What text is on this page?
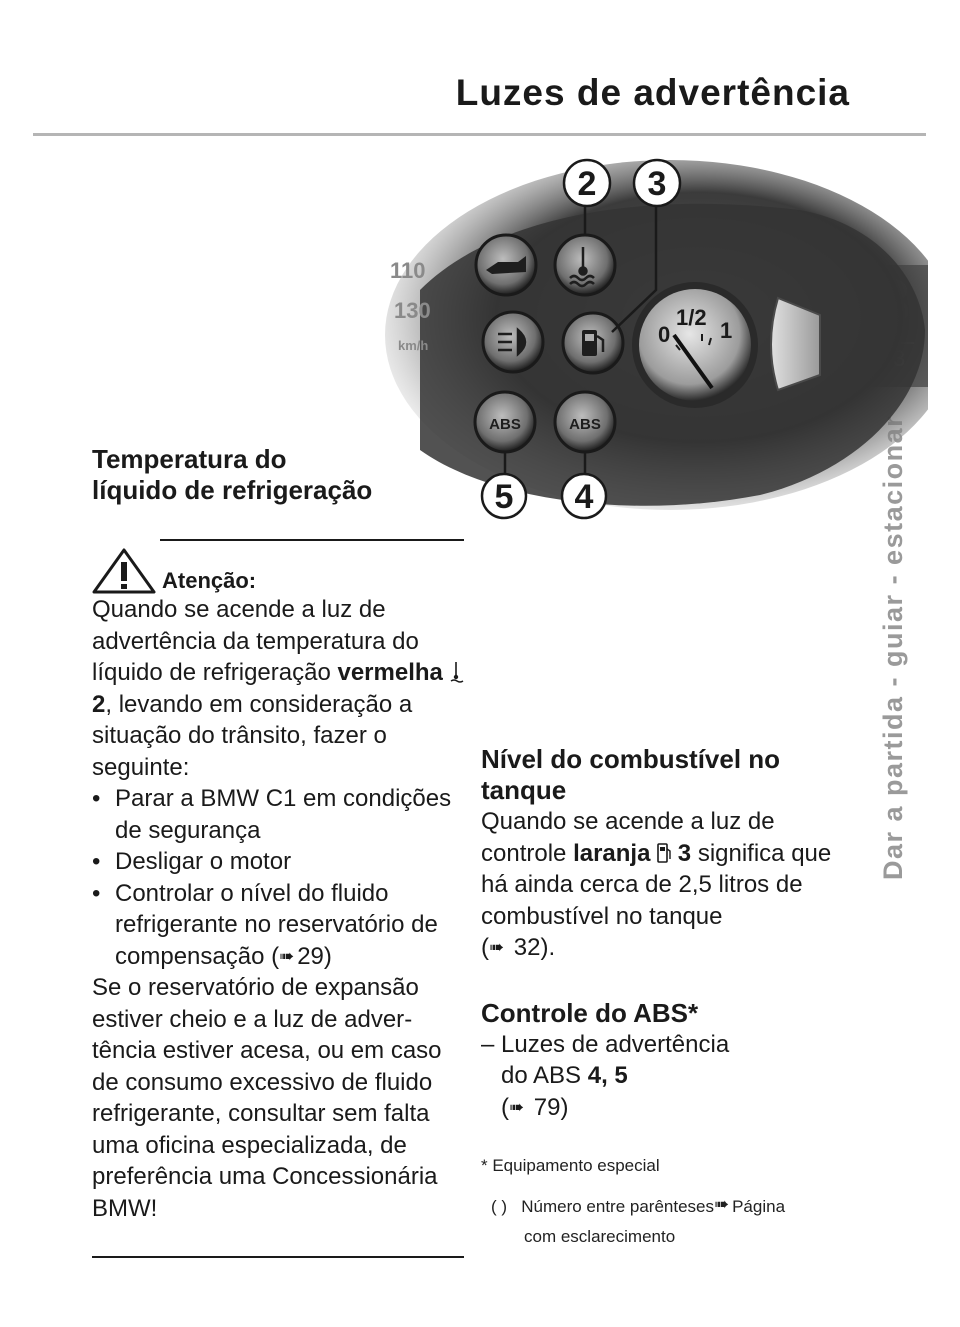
Luzes de advertência
Dar a partida - guiar - estacionar
110
130
km/h
ABS	ABS
0
1/2
1
2 3
5 4
Temperatura do
líquido de refrigeração
Atenção:

Quando se acende a luz de advertência da temperatura do líquido de refrigeração vermelha  2, levando em consideração a situação do trânsito, fazer o seguinte:

• Parar a BMW C1 em condições de segurança
• Desligar o motor
• Controlar o nível do fluido refrigerante no reservatório de compensação (➠ 29)

Se o reservatório de expansão estiver cheio e a luz de advertência estiver acesa, ou em caso de consumo excessivo de fluido refrigerante, consultar sem falta uma oficina especializada, de preferência uma Concessionária BMW!

Nível do combustível no tanque

Quando se acende a luz de controle laranja 3 significa que há ainda cerca de 2,5 litros de combustível no tanque
(➠ 32).

Controle do ABS*

– Luzes de advertência
do ABS 4, 5
(➠ 79)

* Equipamento especial
( ) Número entre parênteses➠ Página
com esclarecimento
